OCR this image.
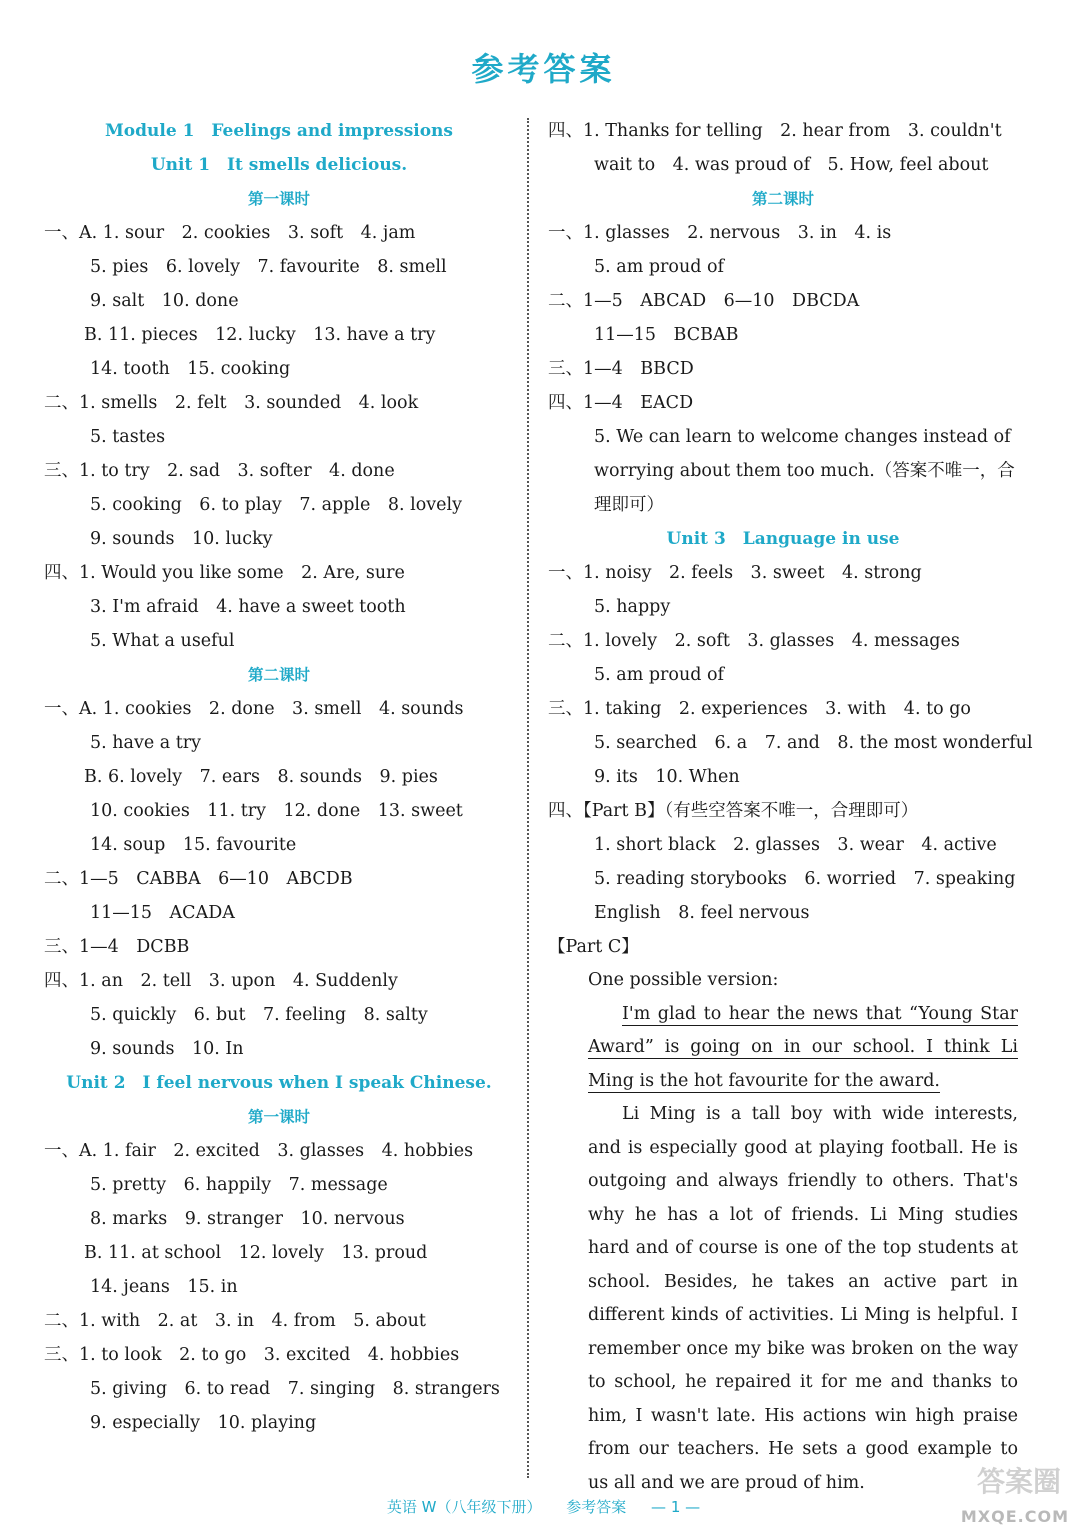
参考答案
Module 1　Feelings and impressions
Unit 1　It smells delicious.
第一课时
一、A. 1. sour　2. cookies　3. soft　4. jam
5. pies　6. lovely　7. favourite　8. smell
9. salt　10. done
B. 11. pieces　12. lucky　13. have a try
14. tooth　15. cooking
二、1. smells　2. felt　3. sounded　4. look
5. tastes
三、1. to try　2. sad　3. softer　4. done
5. cooking　6. to play　7. apple　8. lovely
9. sounds　10. lucky
四、1. Would you like some　2. Are, sure
3. I'm afraid　4. have a sweet tooth
5. What a useful
第二课时
一、A. 1. cookies　2. done　3. smell　4. sounds
5. have a try
B. 6. lovely　7. ears　8. sounds　9. pies
10. cookies　11. try　12. done　13. sweet
14. soup　15. favourite
二、1—5　CABBA　6—10　ABCDB
11—15　ACADA
三、1—4　DCBB
四、1. an　2. tell　3. upon　4. Suddenly
5. quickly　6. but　7. feeling　8. salty
9. sounds　10. In
Unit 2　I feel nervous when I speak Chinese.
第一课时
一、A. 1. fair　2. excited　3. glasses　4. hobbies
5. pretty　6. happily　7. message
8. marks　9. stranger　10. nervous
B. 11. at school　12. lovely　13. proud
14. jeans　15. in
二、1. with　2. at　3. in　4. from　5. about
三、1. to look　2. to go　3. excited　4. hobbies
5. giving　6. to read　7. singing　8. strangers
9. especially　10. playing
四、1. Thanks for telling　2. hear from　3. couldn't
wait to　4. was proud of　5. How, feel about
第二课时
一、1. glasses　2. nervous　3. in　4. is
5. am proud of
二、1—5　ABCAD　6—10　DBCDA
11—15　BCBAB
三、1—4　BBCD
四、1—4　EACD
5. We can learn to welcome changes instead of
worrying about them too much.（答案不唯一，合
理即可）
Unit 3　Language in use
一、1. noisy　2. feels　3. sweet　4. strong
5. happy
二、1. lovely　2. soft　3. glasses　4. messages
5. am proud of
三、1. taking　2. experiences　3. with　4. to go
5. searched　6. a　7. and　8. the most wonderful
9. its　10. When
四、【Part B】（有些空答案不唯一，合理即可）
1. short black　2. glasses　3. wear　4. active
5. reading storybooks　6. worried　7. speaking
English　8. feel nervous
【Part C】
One possible version:
I'm glad to hear the news that “Young Star Award” is going on in our school. I think Li Ming is the hot favourite for the award.
Li Ming is a tall boy with wide interests, and is especially good at playing football. He is outgoing and always friendly to others. That's why he has a lot of friends. Li Ming studies hard and of course is one of the top students at school. Besides, he takes an active part in different kinds of activities. Li Ming is helpful. I remember once my bike was broken on the way to school, he repaired it for me and thanks to him, I wasn't late. His actions win high praise from our teachers. He sets a good example to us all and we are proud of him.
英语 W（八年级下册） 参考答案 — 1 —
答案圈
MXQE.COM
